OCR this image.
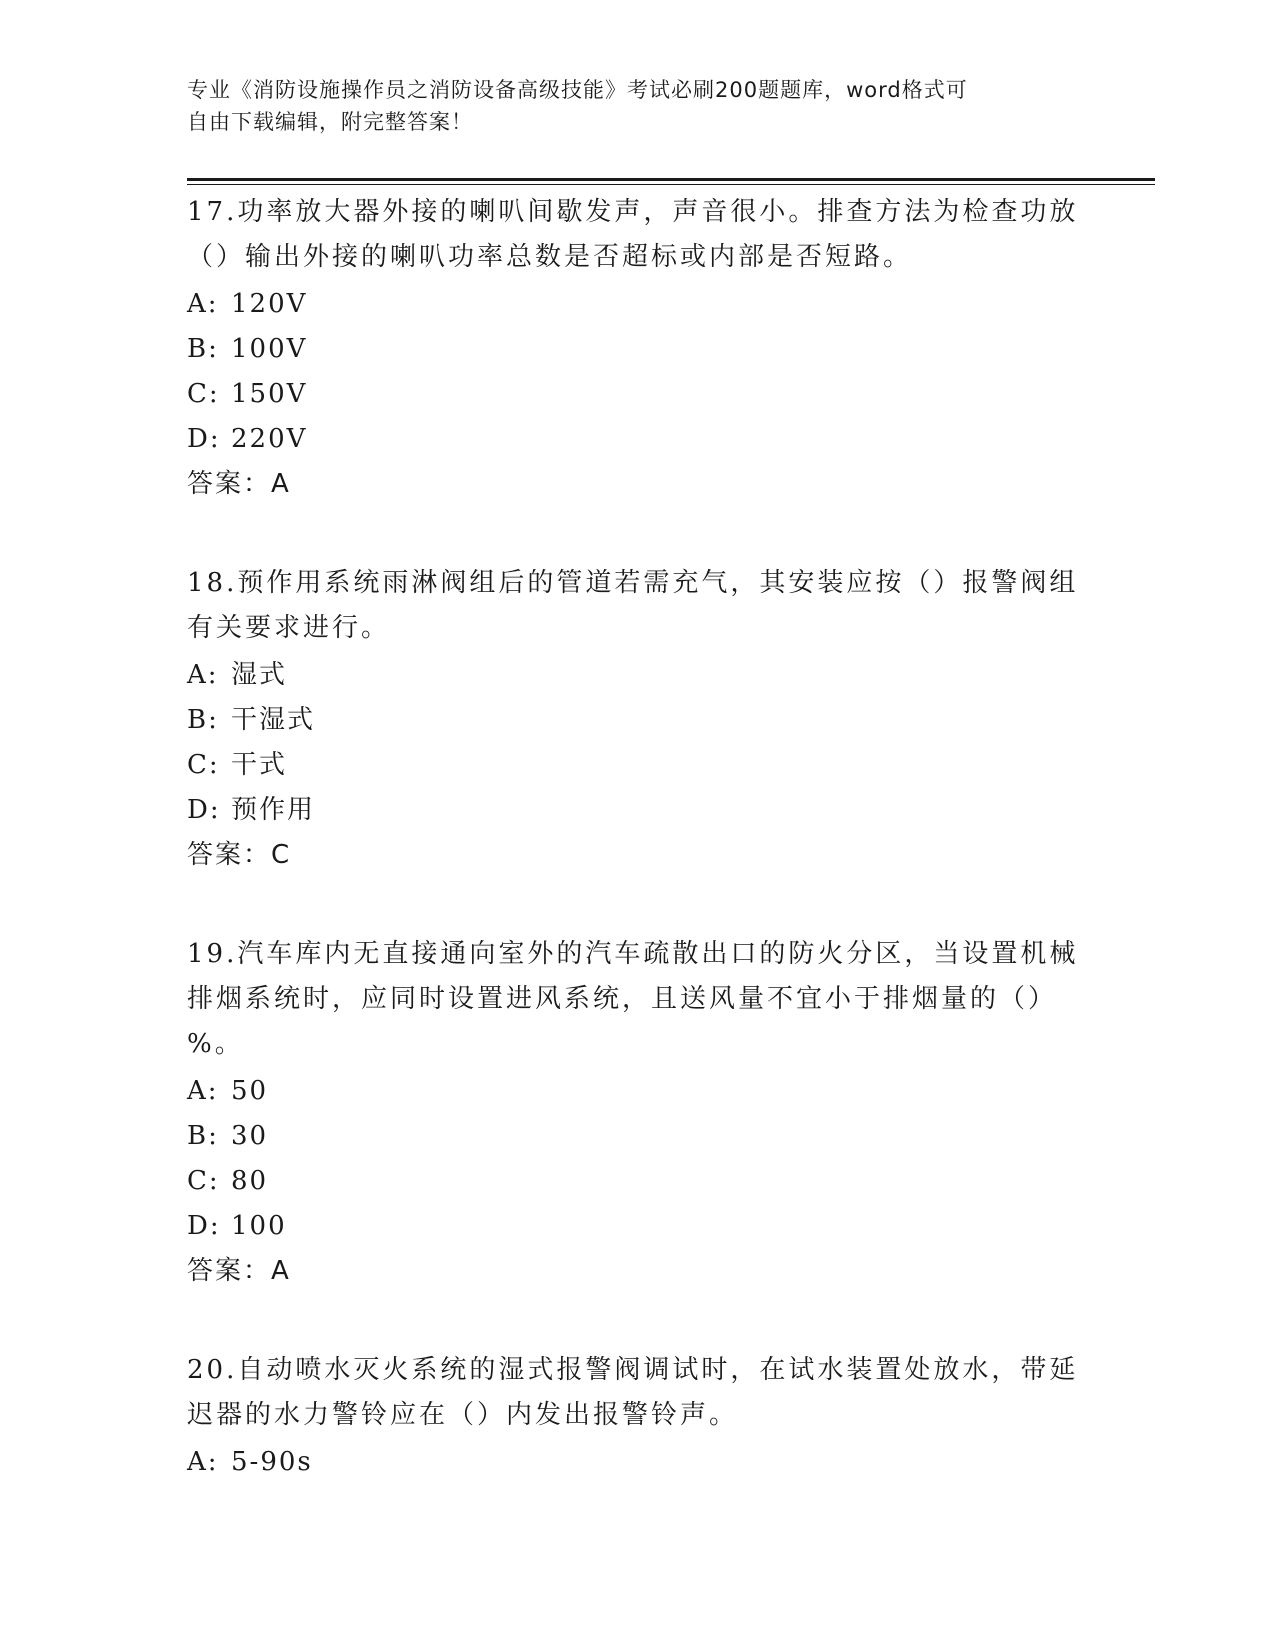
专业《消防设施操作员之消防设备高级技能》考试必刷200题题库，word格式可
自由下载编辑，附完整答案！
17.功率放大器外接的喇叭间歇发声，声音很小。排查方法为检查功放（）输出外接的喇叭功率总数是否超标或内部是否短路。
A: 120V
B: 100V
C: 150V
D: 220V
答案：A
18.预作用系统雨淋阀组后的管道若需充气，其安装应按（）报警阀组有关要求进行。
A: 湿式
B: 干湿式
C: 干式
D: 预作用
答案：C
19.汽车库内无直接通向室外的汽车疏散出口的防火分区，当设置机械排烟系统时，应同时设置进风系统，且送风量不宜小于排烟量的（）%。
A: 50
B: 30
C: 80
D: 100
答案：A
20.自动喷水灭火系统的湿式报警阀调试时，在试水装置处放水，带延迟器的水力警铃应在（）内发出报警铃声。
A: 5-90s
